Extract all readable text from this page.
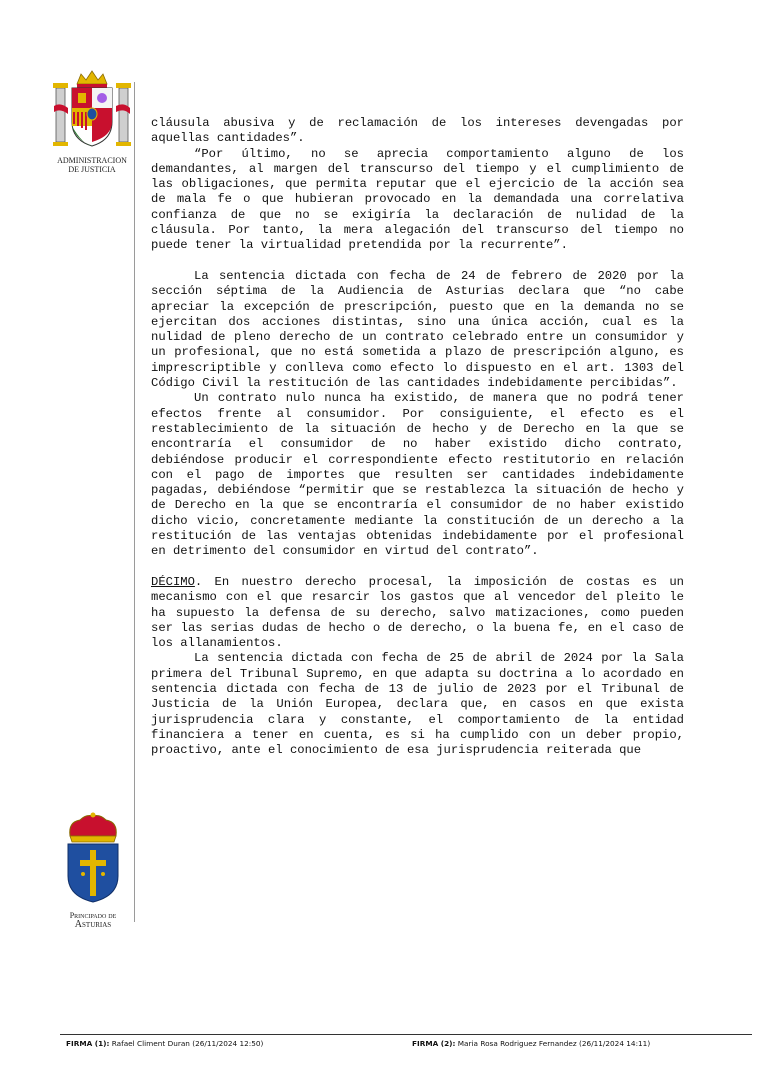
ADMINISTRACION
DE JUSTICIA
Principado de
Asturias

cláusula abusiva y de reclamación de los intereses devengadas por aquellas cantidades”.

“Por último, no se aprecia comportamiento alguno de los demandantes, al margen del transcurso del tiempo y el cumplimiento de las obligaciones, que permita reputar que el ejercicio de la acción sea de mala fe o que hubieran provocado en la demandada una correlativa confianza de que no se exigiría la declaración de nulidad de la cláusula. Por tanto, la mera alegación del transcurso del tiempo no puede tener la virtualidad pretendida por la recurrente”.

La sentencia dictada con fecha de 24 de febrero de 2020 por la sección séptima de la Audiencia de Asturias declara que “no cabe apreciar la excepción de prescripción, puesto que en la demanda no se ejercitan dos acciones distintas, sino una única acción, cual es la nulidad de pleno derecho de un contrato celebrado entre un consumidor y un profesional, que no está sometida a plazo de prescripción alguno, es imprescriptible y conlleva como efecto lo dispuesto en el art. 1303 del Código Civil la restitución de las cantidades indebidamente percibidas”.

Un contrato nulo nunca ha existido, de manera que no podrá tener efectos frente al consumidor. Por consiguiente, el efecto es el restablecimiento de la situación de hecho y de Derecho en la que se encontraría el consumidor de no haber existido dicho contrato, debiéndose producir el correspondiente efecto restitutorio en relación con el pago de importes que resulten ser cantidades indebidamente pagadas, debiéndose “permitir que se restablezca la situación de hecho y de Derecho en la que se encontraría el consumidor de no haber existido dicho vicio, concretamente mediante la constitución de un derecho a la restitución de las ventajas obtenidas indebidamente por el profesional en detrimento del consumidor en virtud del contrato”.

DÉCIMO. En nuestro derecho procesal, la imposición de costas es un mecanismo con el que resarcir los gastos que al vencedor del pleito le ha supuesto la defensa de su derecho, salvo matizaciones, como pueden ser las serias dudas de hecho o de derecho, o la buena fe, en el caso de los allanamientos.

La sentencia dictada con fecha de 25 de abril de 2024 por la Sala primera del Tribunal Supremo, en que adapta su doctrina a lo acordado en sentencia dictada con fecha de 13 de julio de 2023 por el Tribunal de Justicia de la Unión Europea, declara que, en casos en que exista jurisprudencia clara y constante, el comportamiento de la entidad financiera a tener en cuenta, es si ha cumplido con un deber propio, proactivo, ante el conocimiento de esa jurisprudencia reiterada que

FIRMA (1): Rafael Climent Duran (26/11/2024 12:50)	FIRMA (2): Maria Rosa Rodriguez Fernandez (26/11/2024 14:11)
